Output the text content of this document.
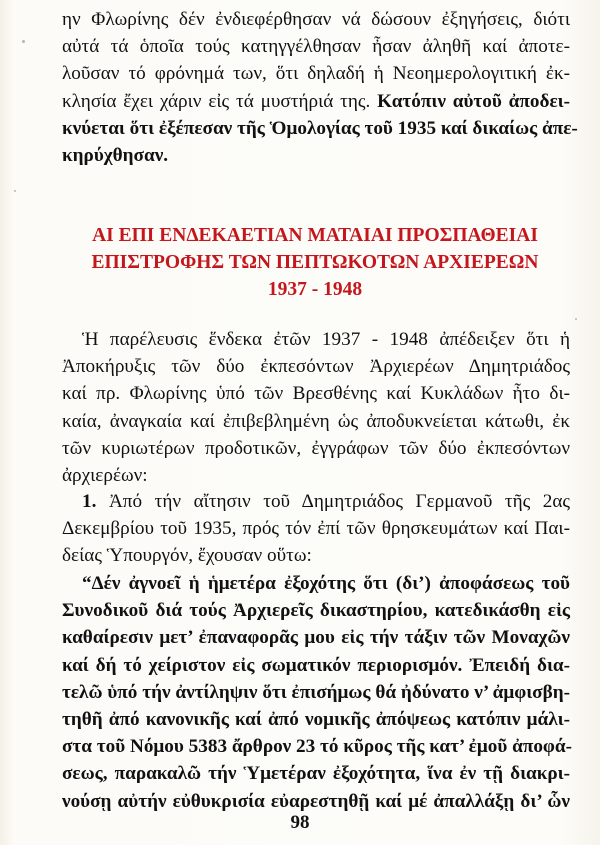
ην Φλωρίνης δέν ἐνδιεφέρθησαν νά δώσουν ἐξηγήσεις, διότι
αὐτά τά ὁποῖα τούς κατηγγέλθησαν ἦσαν ἀληθῆ καί ἀποτε-
λοῦσαν τό φρόνημά των, ὅτι δηλαδή ἡ Νεοημερολογιτική ἐκ-
κλησία ἔχει χάριν εἰς τά μυστήριά της. Κατόπιν αὐτοῦ ἀποδει-
κνύεται ὅτι ἐξέπεσαν τῆς Ὁμολογίας τοῦ 1935 καί δικαίως ἀπε-
κηρύχθησαν.
ΑΙ ΕΠΙ ΕΝΔΕΚΑΕΤΙΑΝ ΜΑΤΑΙΑΙ ΠΡΟΣΠΑΘΕΙΑΙ
ΕΠΙΣΤΡΟΦΗΣ ΤΩΝ ΠΕΠΤΩΚΟΤΩΝ ΑΡΧΙΕΡΕΩΝ
1937 - 1948
Ἡ παρέλευσις ἕνδεκα ἐτῶν 1937 - 1948 ἀπέδειξεν ὅτι ἡ
Ἀποκήρυξις τῶν δύο ἐκπεσόντων Ἀρχιερέων Δημητριάδος
καί πρ. Φλωρίνης ὑπό τῶν Βρεσθένης καί Κυκλάδων ἦτο δι-
καία, ἀναγκαία καί ἐπιβεβλημένη ὡς ἀποδυκνείεται κάτωθι, ἐκ
τῶν κυριωτέρων προδοτικῶν, ἐγγράφων τῶν δύο ἐκπεσόντων
ἀρχιερέων:
1. Ἀπό τήν αἴτησιν τοῦ Δημητριάδος Γερμανοῦ τῆς 2ας
Δεκεμβρίου τοῦ 1935, πρός τόν ἐπί τῶν θρησκευμάτων καί Παι-
δείας Ὑπουργόν, ἔχουσαν οὕτω:
“Δέν ἀγνοεῖ ἡ ἡμετέρα ἐξοχότης ὅτι (δι’) ἀποφάσεως τοῦ
Συνοδικοῦ διά τούς Ἀρχιερεῖς δικαστηρίου, κατεδικάσθη εἰς
καθαίρεσιν μετ’ ἐπαναφορᾶς μου εἰς τήν τάξιν τῶν Μοναχῶν
καί δή τό χείριστον εἰς σωματικόν περιορισμόν. Ἐπειδή δια-
τελῶ ὑπό τήν ἀντίληψιν ὅτι ἐπισήμως θά ἠδύνατο ν’ ἀμφισβη-
τηθῆ ἀπό κανονικῆς καί ἀπό νομικῆς ἀπόψεως κατόπιν μάλι-
στα τοῦ Νόμου 5383 ἄρθρον 23 τό κῦρος τῆς κατ’ ἐμοῦ ἀποφά-
σεως, παρακαλῶ τήν Ὑμετέραν ἐξοχότητα, ἵνα ἐν τῇ διακρι-
νούσῃ αὐτήν εὐθυκρισία εὐαρεστηθῇ καί μέ ἀπαλλάξῃ δι’ ὧν
98
